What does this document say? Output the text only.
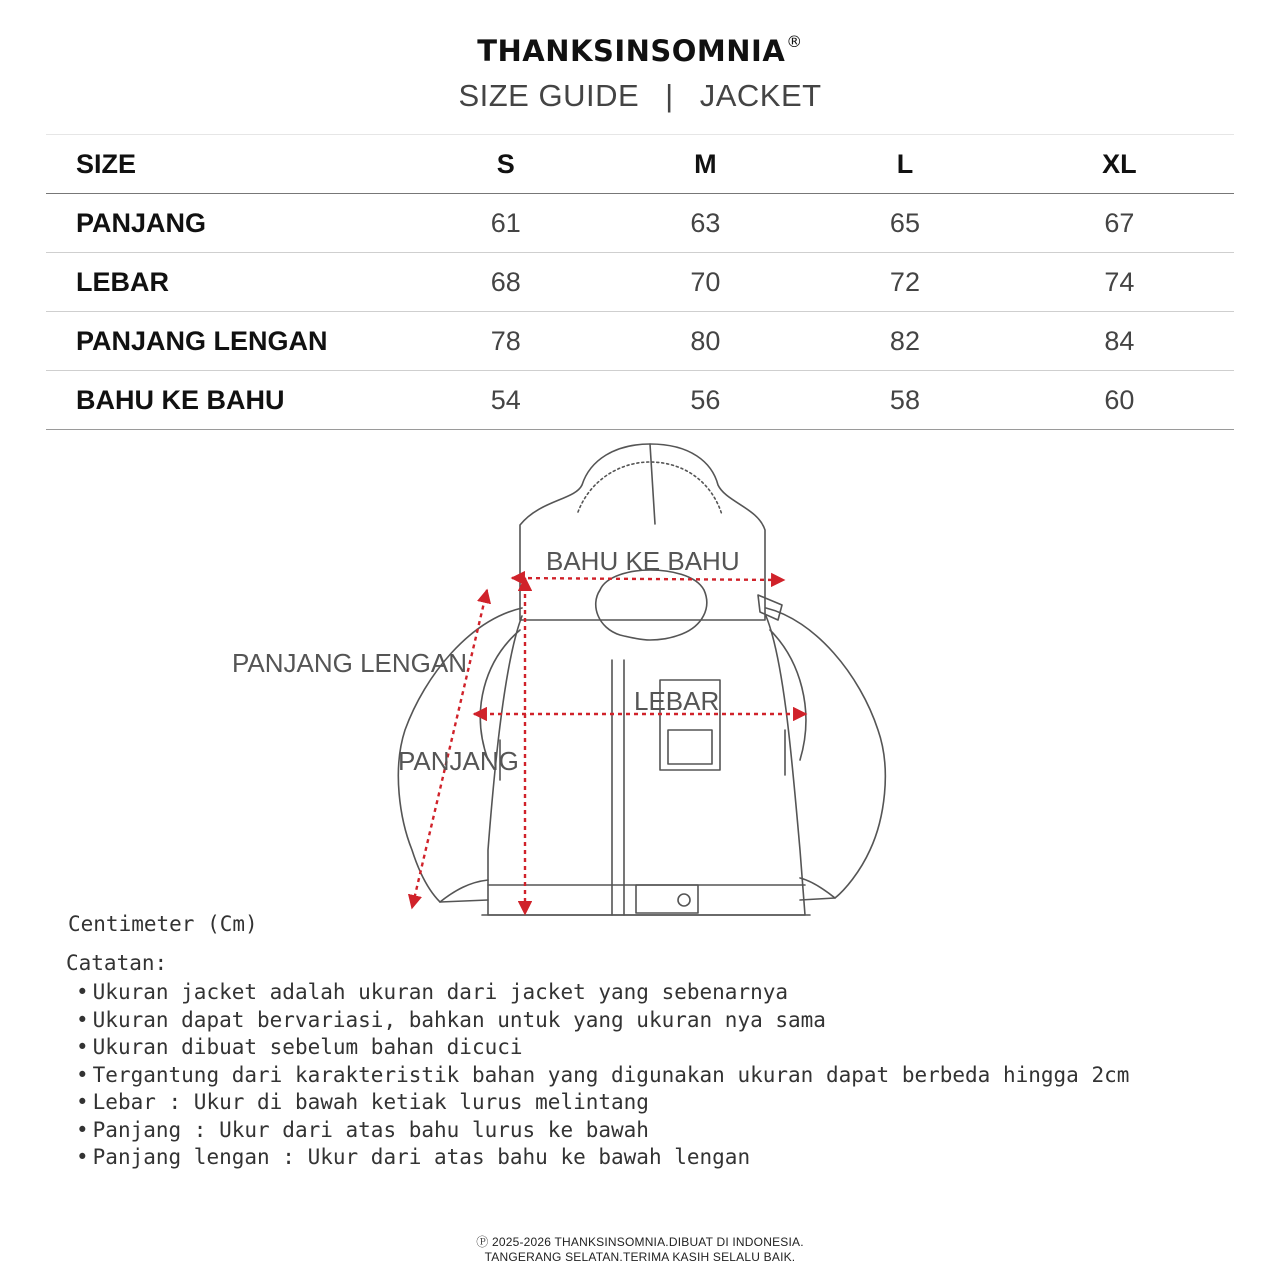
THANKSINSOMNIA®
SIZE GUIDE | JACKET
SIZE	S	M	L	XL
PANJANG	61	63	65	67
LEBAR	68	70	72	74
PANJANG LENGAN	78	80	82	84
BAHU KE BAHU	54	56	58	60
BAHU KE BAHU
PANJANG LENGAN
LEBAR
PANJANG
Centimeter (Cm)
Catatan:
• Ukuran jacket adalah ukuran dari jacket yang sebenarnya
• Ukuran dapat bervariasi, bahkan untuk yang ukuran nya sama
• Ukuran dibuat sebelum bahan dicuci
• Tergantung dari karakteristik bahan yang digunakan ukuran dapat berbeda hingga 2cm
• Lebar : Ukur di bawah ketiak lurus melintang
• Panjang : Ukur dari atas bahu lurus ke bawah
• Panjang lengan : Ukur dari atas bahu ke bawah lengan
Ⓟ 2025-2026 THANKSINSOMNIA.DIBUAT DI INDONESIA.
TANGERANG SELATAN.TERIMA KASIH SELALU BAIK.
